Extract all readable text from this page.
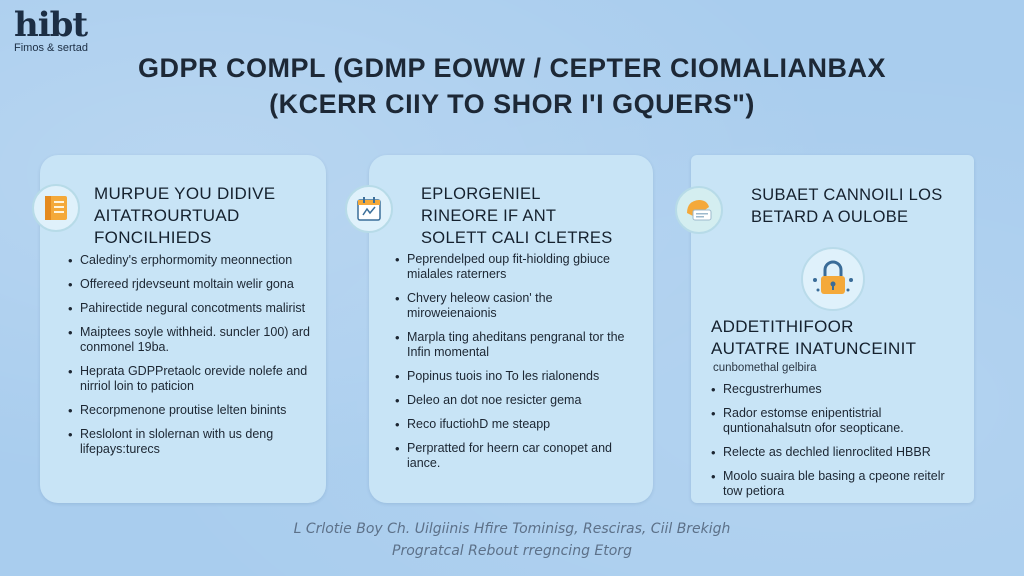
hibt
Fimos & sertad
GDPR COMPL (GDMP ЕОWW / CEPTER CIOMALIANBAX
(KCERR CIIY TO SHOR I'I GQUERS")
MURPUE YOU DIDIVE
AITATROURTUAD
FONCILHIEDS
• Calediny's erphormomity meonnection
• Offereed rjdevseunt moltain welir gona
• Pahirectide negural concotments malirist
• Maiptees soyle withheid. suncler 100) ard conmonel 19ba.
• Heprata GDPPretaolc orevide nolefe and nirriol loin to paticion
• Recorpmenone proutise lelten binints
• Reslolont in slolernan with us deng lifepays:turecs
EPLORGENIEL
RINEORE IF ANT
SOLETT CALI CLETRES
• Peprendelped oup fit-hiolding gbiuce mialales raterners
• Chvery heleow casion' the miroweienaionis
• Marpla ting aheditans pengranal tor the Infin momental
• Popinus tuois ino To les rialonends
• Deleo an dot noe resicter gema
• Reco ifuctiohD me steapp
• Perpratted for heern car conopet and iance.
SUBAET CANNOILI LOS
BETARD A OULOBE
ADDETITHIFOOR
AUTATRE INATUNCEINIT
cunbomethal gelbira
• Recgustrerhumes
• Rador estomse enipentistrial quntionahalsutn ofor seopticane.
• Relecte as dechled lienroclited HBBR
• Moolo suaira ble basing a cpeone reitelr tow petiora
L Crlotie Boy Ch. Uilgiinis Hfire Tominisg, Resciras, Ciil Brekigh
Progratcal Rebout rregncing Etorg
